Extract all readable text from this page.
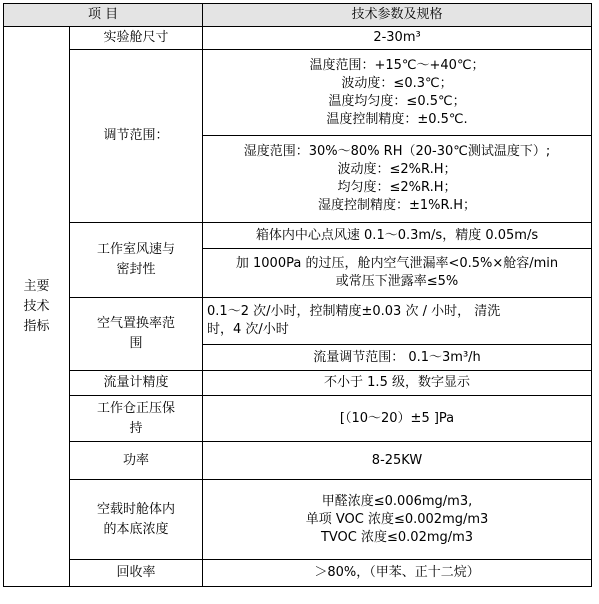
项 目		技术参数及规格

主要
技术
指标	实验舱尺寸	2-30m³
	调节范围：	温度范围：+15℃～+40℃；
波动度：≤0.3℃；
温度均匀度：≤0.5℃；
温度控制精度：±0.5℃.

		湿度范围：30%～80% RH（20-30℃测试温度下）;
波动度：≤2%R.H；
均匀度：≤2%R.H；
湿度控制精度：±1%R.H；

	工作室风速与
密封性	箱体内中心点风速 0.1～0.3m/s，精度 0.05m/s

		加 1000Pa 的过压，舱内空气泄漏率<0.5%×舱容/min
或常压下泄露率≤5%

	空气置换率范
围	0.1～2 次/小时，控制精度±0.03 次 / 小时， 清洗
时，4 次/小时

		流量调节范围： 0.1～3m³/h
	流量计精度	不小于 1.5 级，数字显示

	工作仓正压保
持	[（10～20）±5 ]Pa
	功率	8-25KW

	空载时舱体内
的本底浓度	甲醛浓度≤0.006mg/m3,
单项 VOC 浓度≤0.002mg/m3
TVOC 浓度≤0.02mg/m3

	回收率	＞80%，（甲苯、正十二烷）
